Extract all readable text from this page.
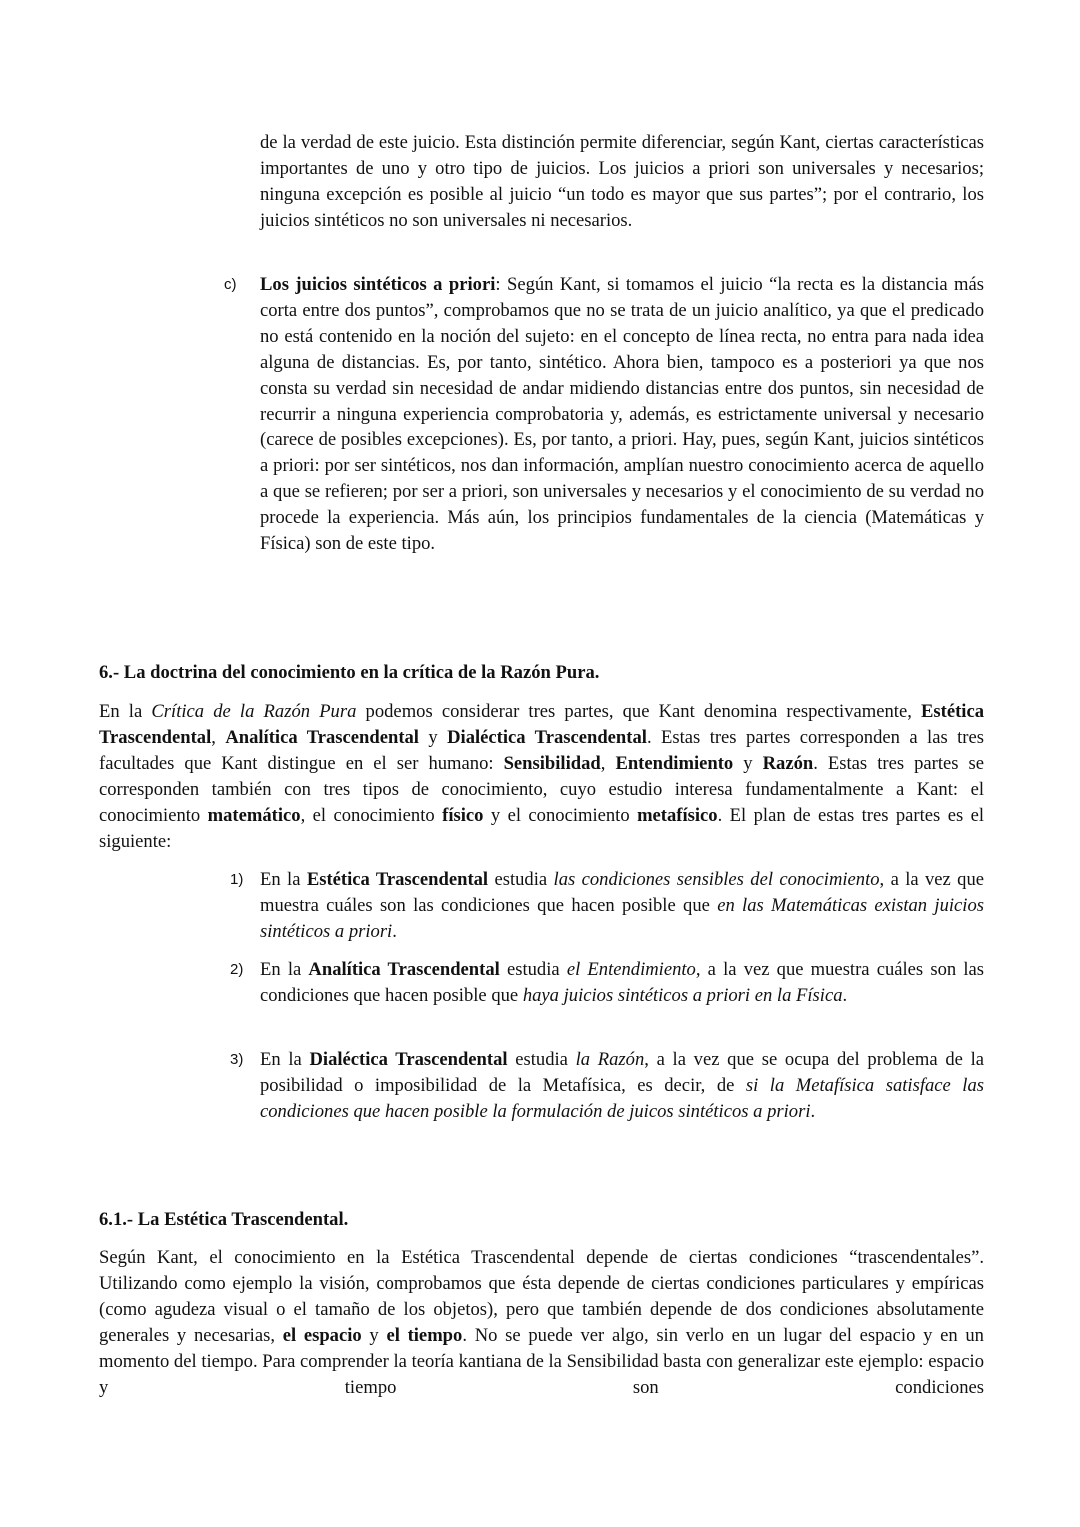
de la verdad de este juicio. Esta distinción permite diferenciar, según Kant, ciertas características importantes de uno y otro tipo de juicios. Los juicios a priori son universales y necesarios; ninguna excepción es posible al juicio “un todo es mayor que sus partes”; por el contrario, los juicios sintéticos no son universales ni necesarios.
c) Los juicios sintéticos a priori: Según Kant, si tomamos el juicio “la recta es la distancia más corta entre dos puntos”, comprobamos que no se trata de un juicio analítico, ya que el predicado no está contenido en la noción del sujeto: en el concepto de línea recta, no entra para nada idea alguna de distancias. Es, por tanto, sintético. Ahora bien, tampoco es a posteriori ya que nos consta su verdad sin necesidad de andar midiendo distancias entre dos puntos, sin necesidad de recurrir a ninguna experiencia comprobatoria y, además, es estrictamente universal y necesario (carece de posibles excepciones). Es, por tanto, a priori. Hay, pues, según Kant, juicios sintéticos a priori: por ser sintéticos, nos dan información, amplían nuestro conocimiento acerca de aquello a que se refieren; por ser a priori, son universales y necesarios y el conocimiento de su verdad no procede la experiencia. Más aún, los principios fundamentales de la ciencia (Matemáticas y Física) son de este tipo.
6.- La doctrina del conocimiento en la crítica de la Razón Pura.
En la Crítica de la Razón Pura podemos considerar tres partes, que Kant denomina respectivamente, Estética Trascendental, Analítica Trascendental y Dialéctica Trascendental. Estas tres partes corresponden a las tres facultades que Kant distingue en el ser humano: Sensibilidad, Entendimiento y Razón. Estas tres partes se corresponden también con tres tipos de conocimiento, cuyo estudio interesa fundamentalmente a Kant: el conocimiento matemático, el conocimiento físico y el conocimiento metafísico. El plan de estas tres partes es el siguiente:
1) En la Estética Trascendental estudia las condiciones sensibles del conocimiento, a la vez que muestra cuáles son las condiciones que hacen posible que en las Matemáticas existan juicios sintéticos a priori.
2) En la Analítica Trascendental estudia el Entendimiento, a la vez que muestra cuáles son las condiciones que hacen posible que haya juicios sintéticos a priori en la Física.
3) En la Dialéctica Trascendental estudia la Razón, a la vez que se ocupa del problema de la posibilidad o imposibilidad de la Metafísica, es decir, de si la Metafísica satisface las condiciones que hacen posible la formulación de juicos sintéticos a priori.
6.1.- La Estética Trascendental.
Según Kant, el conocimiento en la Estética Trascendental depende de ciertas condiciones “trascendentales”. Utilizando como ejemplo la visión, comprobamos que ésta depende de ciertas condiciones particulares y empíricas (como agudeza visual o el tamaño de los objetos), pero que también depende de dos condiciones absolutamente generales y necesarias, el espacio y el tiempo. No se puede ver algo, sin verlo en un lugar del espacio y en un momento del tiempo. Para comprender la teoría kantiana de la Sensibilidad basta con generalizar este ejemplo: espacio y tiempo son condiciones
